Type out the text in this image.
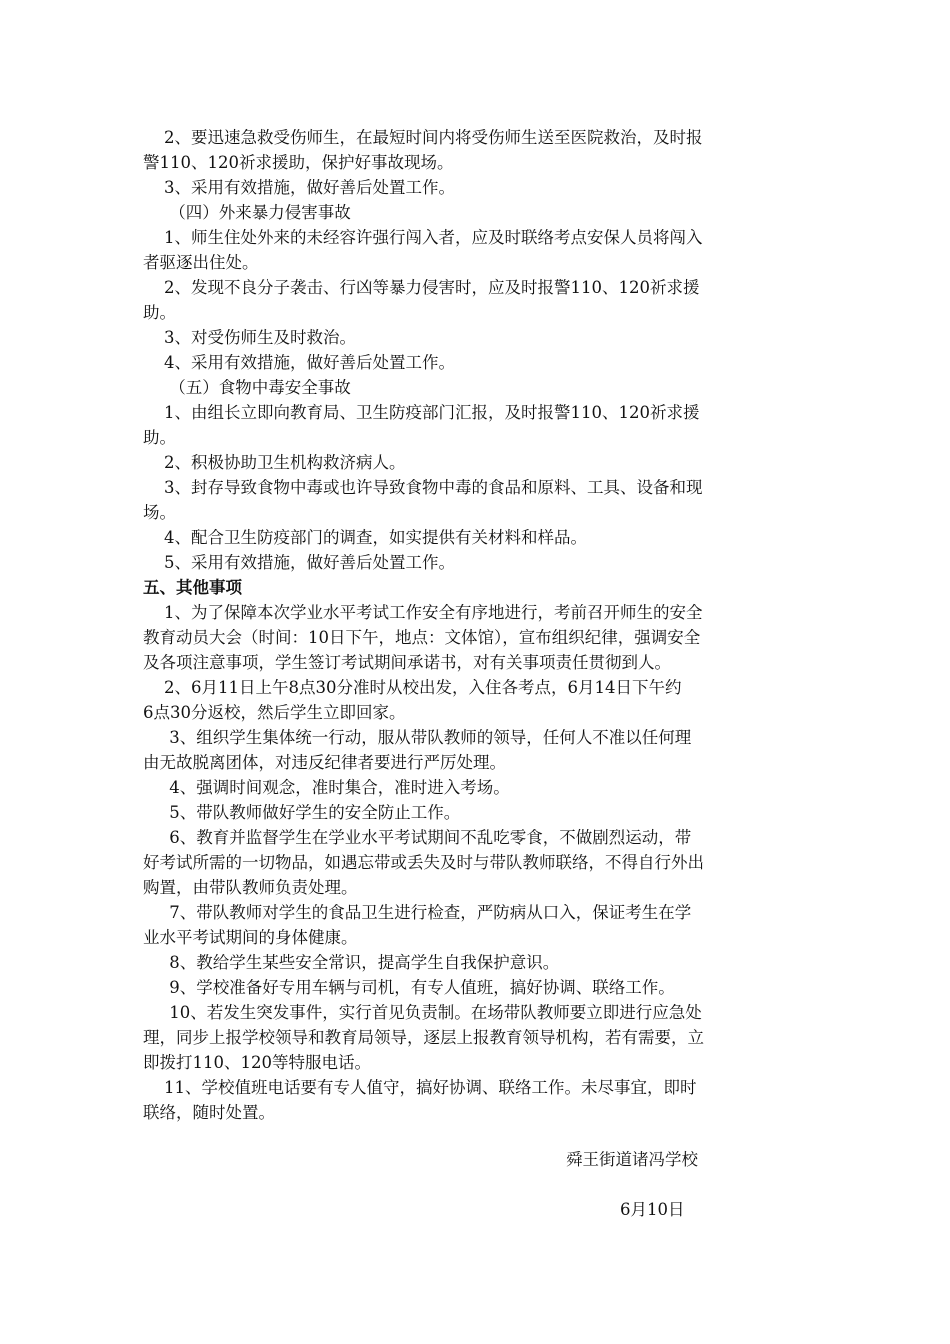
2、要迅速急救受伤师生，在最短时间内将受伤师生送至医院救治，及时报
警110、120祈求援助，保护好事故现场。
3、采用有效措施，做好善后处置工作。
（四）外来暴力侵害事故
1、师生住处外来的未经容许强行闯入者，应及时联络考点安保人员将闯入
者驱逐出住处。
2、发现不良分子袭击、行凶等暴力侵害时，应及时报警110、120祈求援
助。
3、对受伤师生及时救治。
4、采用有效措施，做好善后处置工作。
（五）食物中毒安全事故
1、由组长立即向教育局、卫生防疫部门汇报，及时报警110、120祈求援
助。
2、积极协助卫生机构救济病人。
3、封存导致食物中毒或也许导致食物中毒的食品和原料、工具、设备和现
场。
4、配合卫生防疫部门的调查，如实提供有关材料和样品。
5、采用有效措施，做好善后处置工作。
五、其他事项
1、为了保障本次学业水平考试工作安全有序地进行，考前召开师生的安全
教育动员大会（时间：10日下午，地点：文体馆），宣布组织纪律，强调安全
及各项注意事项，学生签订考试期间承诺书，对有关事项责任贯彻到人。
2、6月11日上午8点30分准时从校出发，入住各考点，6月14日下午约
6点30分返校，然后学生立即回家。
3、组织学生集体统一行动，服从带队教师的领导，任何人不准以任何理
由无故脱离团体，对违反纪律者要进行严厉处理。
4、强调时间观念，准时集合，准时进入考场。
5、带队教师做好学生的安全防止工作。
6、教育并监督学生在学业水平考试期间不乱吃零食，不做剧烈运动，带
好考试所需的一切物品，如遇忘带或丢失及时与带队教师联络，不得自行外出
购置，由带队教师负责处理。
7、带队教师对学生的食品卫生进行检查，严防病从口入，保证考生在学
业水平考试期间的身体健康。
8、教给学生某些安全常识，提高学生自我保护意识。
9、学校准备好专用车辆与司机，有专人值班，搞好协调、联络工作。
10、若发生突发事件，实行首见负责制。在场带队教师要立即进行应急处
理，同步上报学校领导和教育局领导，逐层上报教育领导机构，若有需要，立
即拨打110、120等特服电话。
11、学校值班电话要有专人值守，搞好协调、联络工作。未尽事宜，即时
联络，随时处置。
舜王街道诸冯学校
6月10日
